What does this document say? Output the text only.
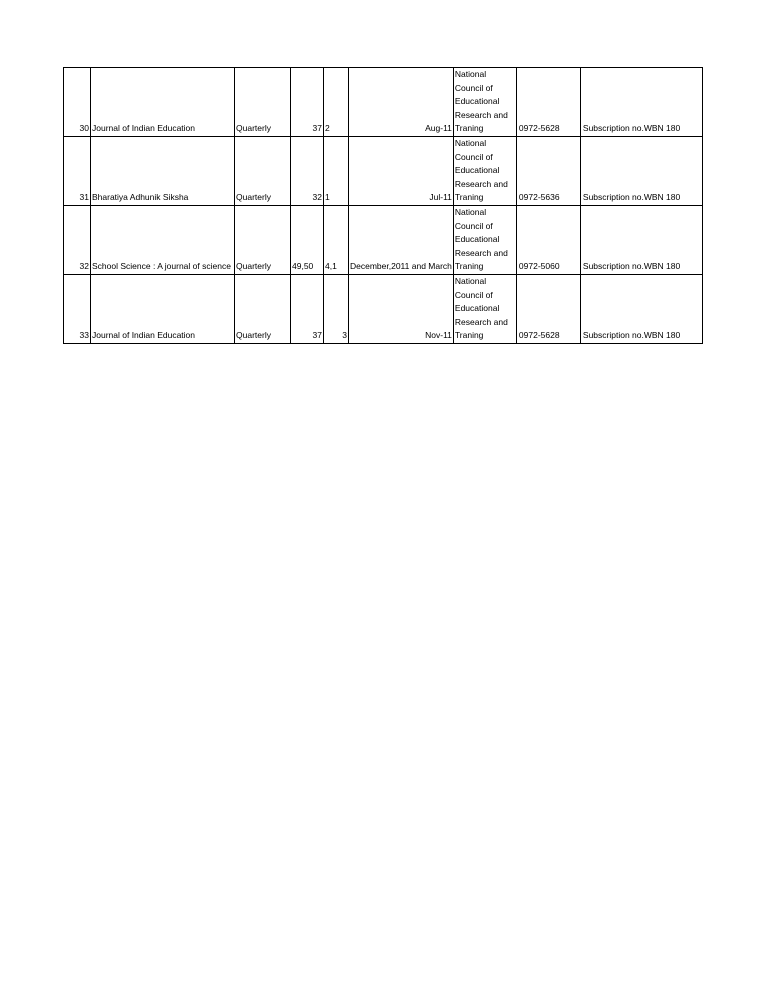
30	Journal of Indian Education	Quarterly	37	2	Aug-11	National Council of Educational Research and Traning	0972-5628	Subscription no.WBN 180
31	Bharatiya Adhunik Siksha	Quarterly	32	1	Jul-11	National Council of Educational Research and Traning	0972-5636	Subscription no.WBN 180
32	School Science : A journal of science	Quarterly	49,50	4,1	December,2011 and March	National Council of Educational Research and Traning	0972-5060	Subscription no.WBN 180
33	Journal of Indian Education	Quarterly	37	3	Nov-11	National Council of Educational Research and Traning	0972-5628	Subscription no.WBN 180
